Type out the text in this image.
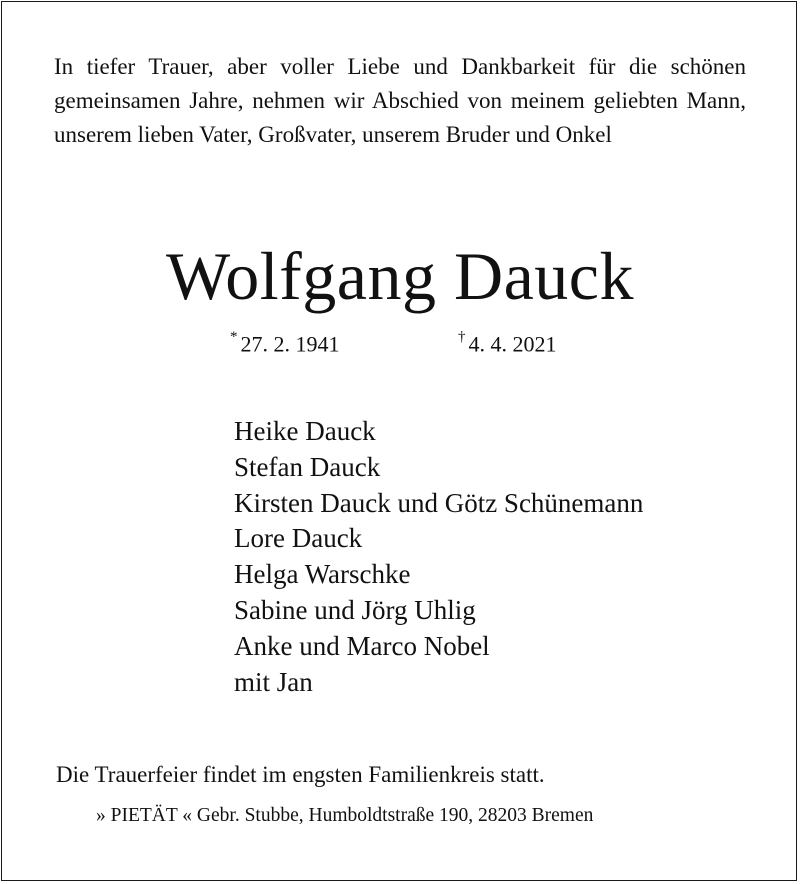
In tiefer Trauer, aber voller Liebe und Dankbarkeit für die schönen gemeinsamen Jahre, nehmen wir Abschied von meinem geliebten Mann, unserem lieben Vater, Großvater, unserem Bruder und Onkel

Wolfgang Dauck
* 27. 2. 1941	† 4. 4. 2021
Heike Dauck
Stefan Dauck
Kirsten Dauck und Götz Schünemann
Lore Dauck
Helga Warschke
Sabine und Jörg Uhlig
Anke und Marco Nobel
mit Jan

Die Trauerfeier findet im engsten Familienkreis statt.

» PIETÄT « Gebr. Stubbe, Humboldtstraße 190, 28203 Bremen
